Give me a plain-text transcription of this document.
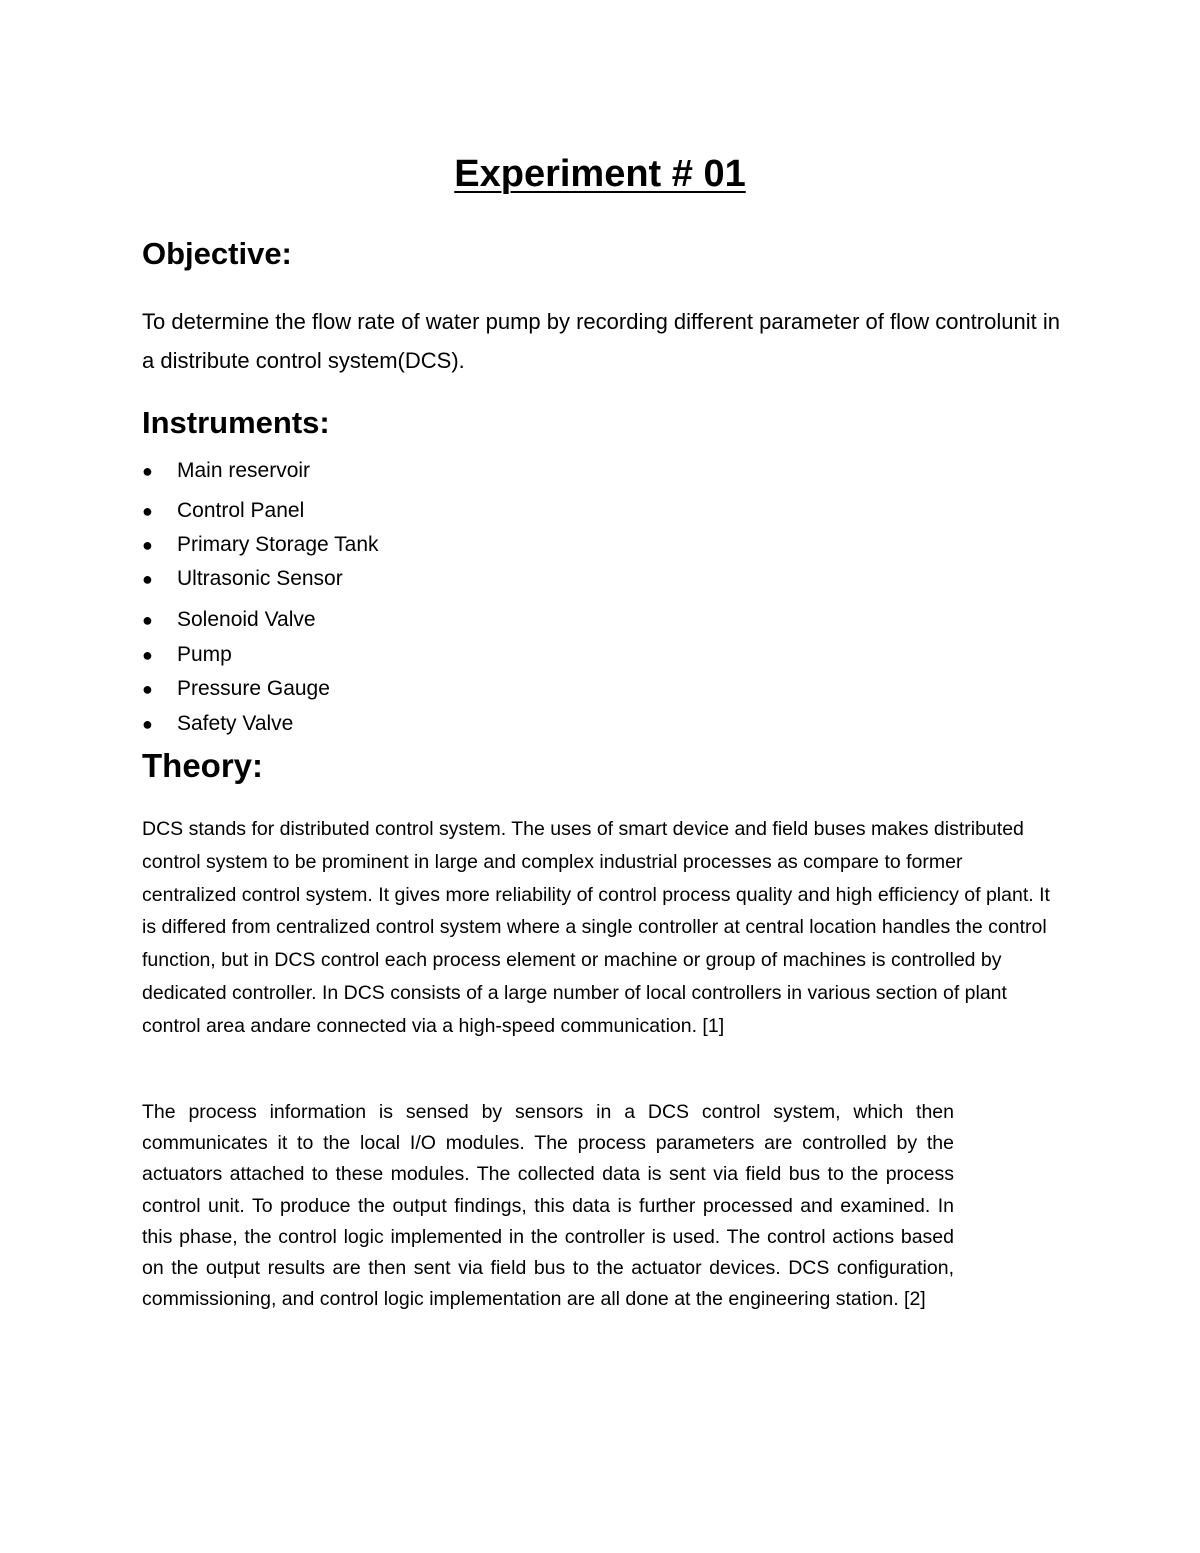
Experiment # 01
Objective:

To determine the flow rate of water pump by recording different parameter of flow controlunit in a distribute control system(DCS).

Instruments:
● Main reservoir
● Control Panel
● Primary Storage Tank
● Ultrasonic Sensor
● Solenoid Valve
● Pump
● Pressure Gauge
● Safety Valve
Theory:

DCS stands for distributed control system. The uses of smart device and field buses makes distributed control system to be prominent in large and complex industrial processes as compare to former centralized control system. It gives more reliability of control process quality and high efficiency of plant. It is differed from centralized control system where a single controller at central location handles the control function, but in DCS control each process element or machine or group of machines is controlled by dedicated controller. In DCS consists of a large number of local controllers in various section of plant control area andare connected via a high-speed communication. [1]

The process information is sensed by sensors in a DCS control system, which then communicates it to the local I/O modules. The process parameters are controlled by the actuators attached to these modules. The collected data is sent via field bus to the process control unit. To produce the output findings, this data is further processed and examined. In this phase, the control logic implemented in the controller is used. The control actions based on the output results are then sent via field bus to the actuator devices. DCS configuration, commissioning, and control logic implementation are all done at the engineering station. [2]
